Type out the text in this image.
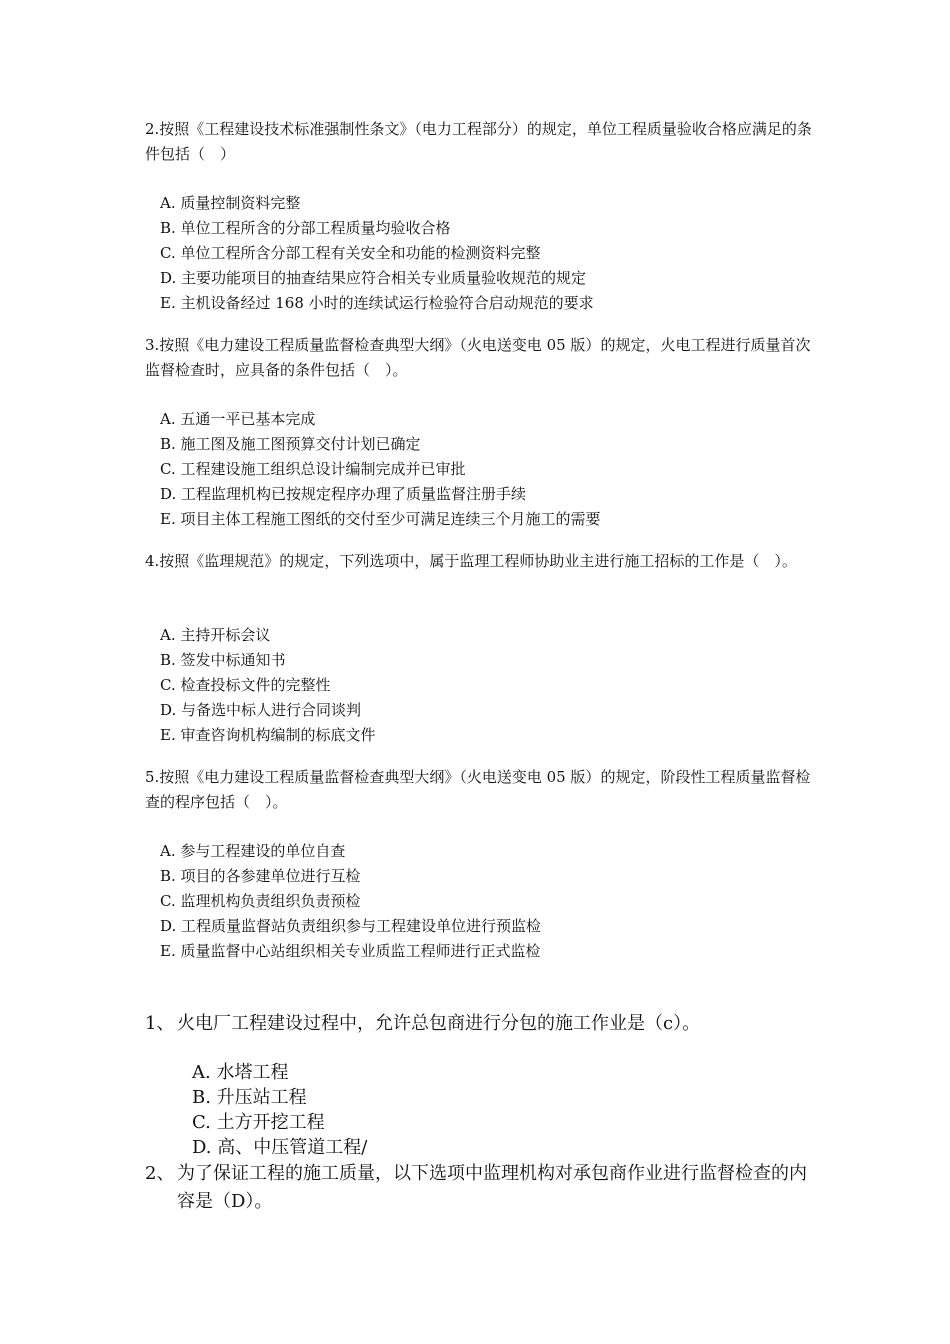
2.按照《工程建设技术标准强制性条文》（电力工程部分）的规定，单位工程质量验收合格应满足的条件包括（　）

A. 质量控制资料完整
B. 单位工程所含的分部工程质量均验收合格
C. 单位工程所含分部工程有关安全和功能的检测资料完整
D. 主要功能项目的抽查结果应符合相关专业质量验收规范的规定
E. 主机设备经过 168 小时的连续试运行检验符合启动规范的要求

3.按照《电力建设工程质量监督检查典型大纲》（火电送变电 05 版）的规定，火电工程进行质量首次监督检查时，应具备的条件包括（　）。

A. 五通一平已基本完成
B. 施工图及施工图预算交付计划已确定
C. 工程建设施工组织总设计编制完成并已审批
D. 工程监理机构已按规定程序办理了质量监督注册手续
E. 项目主体工程施工图纸的交付至少可满足连续三个月施工的需要

4.按照《监理规范》的规定，下列选项中，属于监理工程师协助业主进行施工招标的工作是（　）。

A. 主持开标会议
B. 签发中标通知书
C. 检查投标文件的完整性
D. 与备选中标人进行合同谈判
E. 审查咨询机构编制的标底文件

5.按照《电力建设工程质量监督检查典型大纲》（火电送变电 05 版）的规定，阶段性工程质量监督检查的程序包括（　）。

A. 参与工程建设的单位自查
B. 项目的各参建单位进行互检
C. 监理机构负责组织负责预检
D. 工程质量监督站负责组织参与工程建设单位进行预监检
E. 质量监督中心站组织相关专业质监工程师进行正式监检

1、 火电厂工程建设过程中，允许总包商进行分包的施工作业是（c）。

A. 水塔工程
B. 升压站工程
C. 土方开挖工程
D. 高、中压管道工程/

2、 为了保证工程的施工质量，以下选项中监理机构对承包商作业进行监督检查的内容是（D）。
